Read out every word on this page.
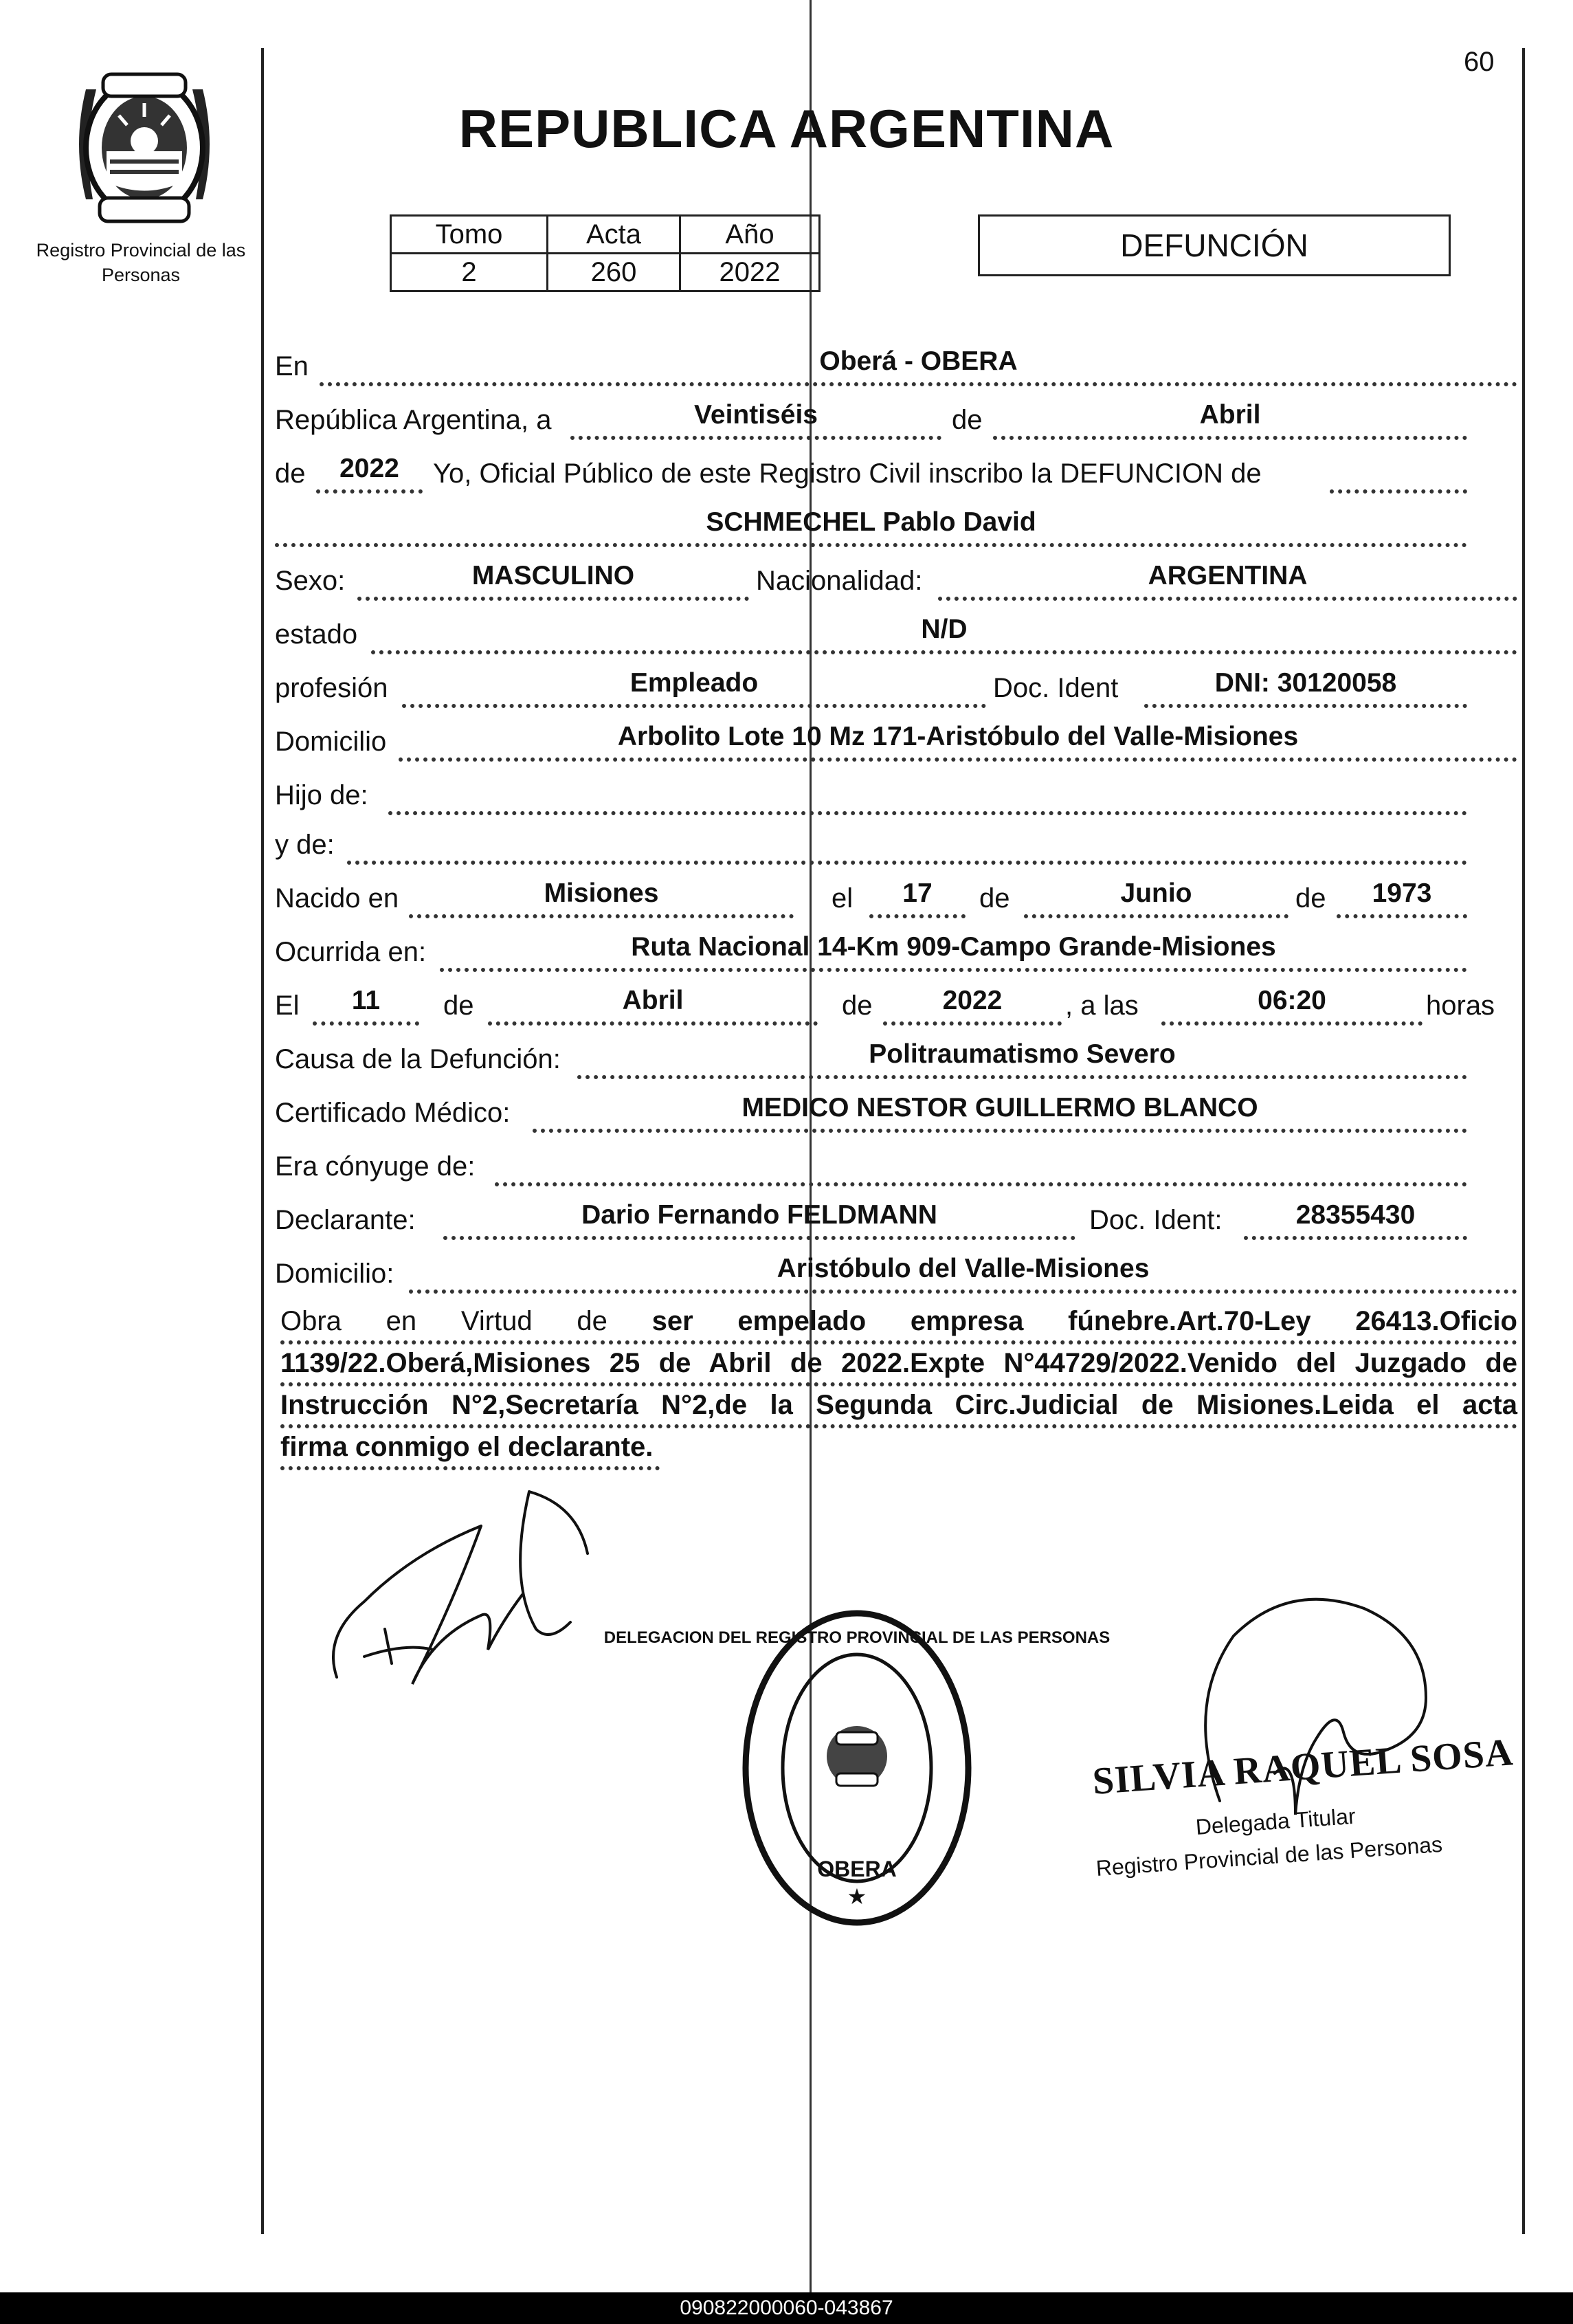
60
REPUBLICA ARGENTINA
Registro Provincial de las Personas
Tomo	Acta	Año
2	260	2022
DEFUNCIÓN
En	Oberá - OBERA
República Argentina, a	Veintiséis	de	Abril
de	2022	Yo, Oficial Público de este Registro Civil inscribo la DEFUNCION de
SCHMECHEL Pablo David
Sexo:	MASCULINO	Nacionalidad:	ARGENTINA
estado	N/D
profesión	Empleado	Doc. Ident	DNI: 30120058
Domicilio	Arbolito Lote 10 Mz 171-Aristóbulo del Valle-Misiones
Hijo de:
y de:
Nacido en	Misiones	el	17	de	Junio	de	1973
Ocurrida en:	Ruta Nacional 14-Km 909-Campo Grande-Misiones
El	11	de	Abril	de	2022	, a las	06:20	horas
Causa de la Defunción:	Politraumatismo Severo
Certificado Médico:	MEDICO NESTOR GUILLERMO BLANCO
Era cónyuge de:
Declarante:	Dario Fernando FELDMANN	Doc. Ident:	28355430
Domicilio:	Aristóbulo del Valle-Misiones
Obra en Virtud de ser empelado empresa fúnebre.Art.70-Ley 26413.Oficio
1139/22.Oberá,Misiones 25 de Abril de 2022.Expte N°44729/2022.Venido del Juzgado de
Instrucción N°2,Secretaría N°2,de la Segunda Circ.Judicial de Misiones.Leida el acta
firma conmigo el declarante.
DELEGACION DEL REGISTRO PROVINCIAL DE LAS PERSONAS
OBERA
★
SILVIA RAQUEL SOSA
Delegada Titular
Registro Provincial de las Personas
090822000060-043867
